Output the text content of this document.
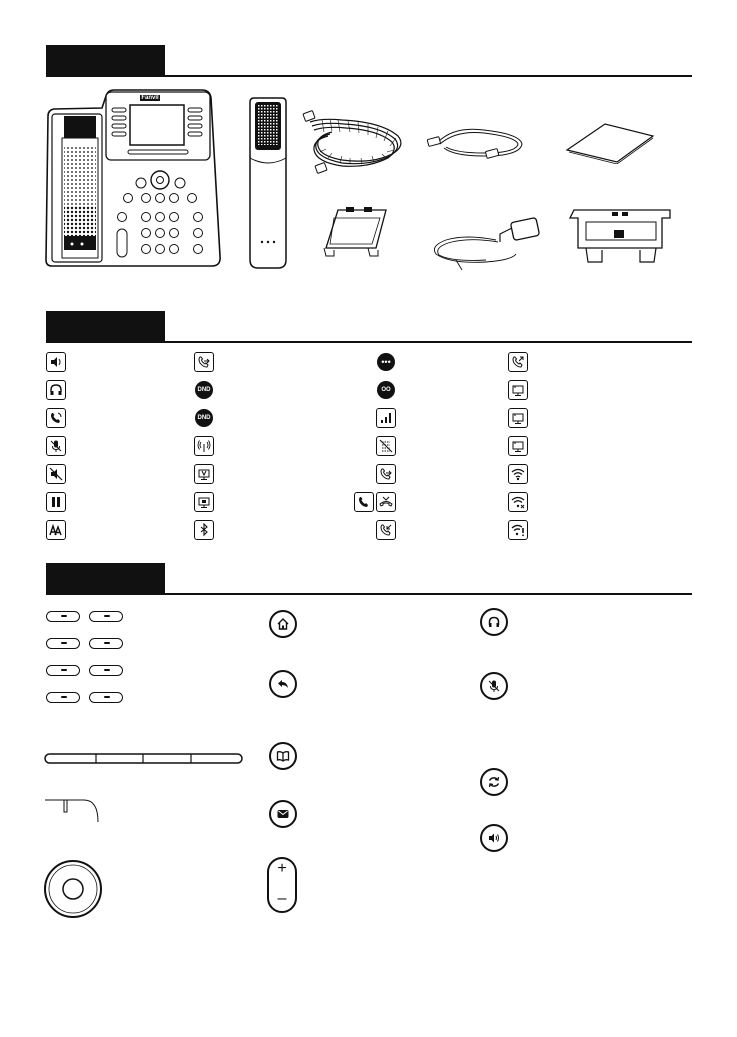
DND
DND
•••
OO
+
–
Fanvil
